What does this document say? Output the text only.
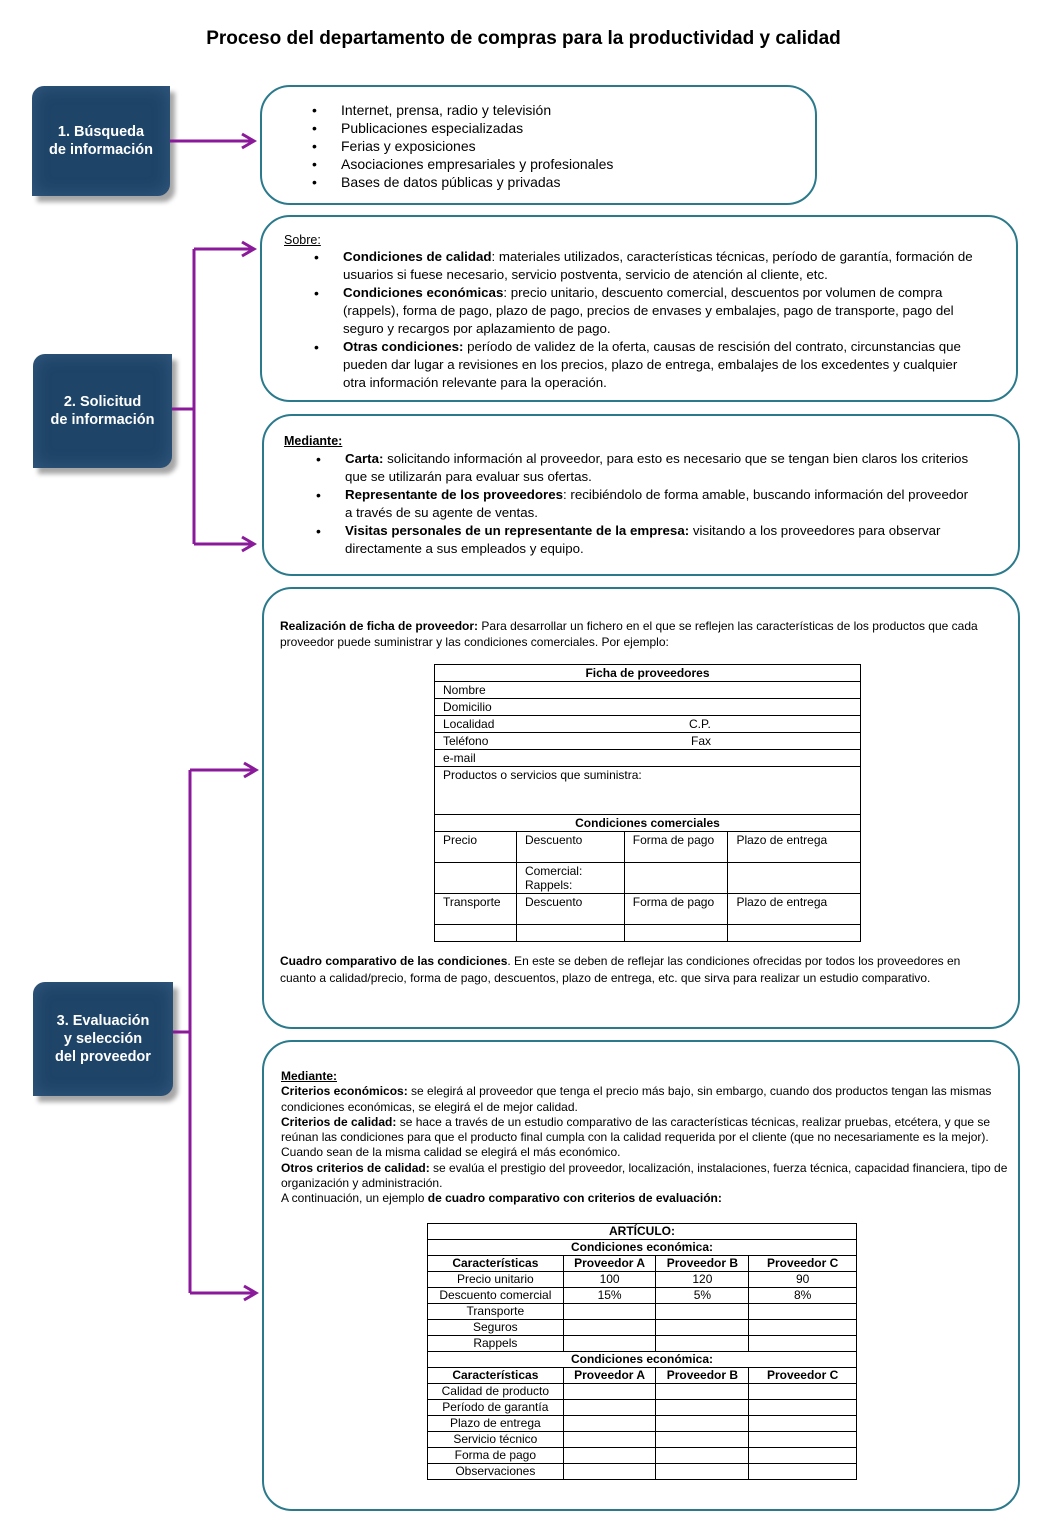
Proceso del departamento de compras para la productividad y calidad
1. Búsqueda
de información
2. Solicitud
de información
3. Evaluación
y selección
del proveedor
• Internet, prensa, radio y televisión
• Publicaciones especializadas
• Ferias y exposiciones
• Asociaciones empresariales y profesionales
• Bases de datos públicas y privadas
Sobre:
• Condiciones de calidad: materiales utilizados, características técnicas, período de garantía, formación de usuarios si fuese necesario, servicio postventa, servicio de atención al cliente, etc.
• Condiciones económicas: precio unitario, descuento comercial, descuentos por volumen de compra (rappels), forma de pago, plazo de pago, precios de envases y embalajes, pago de transporte, pago del seguro y recargos por aplazamiento de pago.
• Otras condiciones: período de validez de la oferta, causas de rescisión del contrato, circunstancias que pueden dar lugar a revisiones en los precios, plazo de entrega, embalajes de los excedentes y cualquier otra información relevante para la operación.
Mediante:
• Carta: solicitando información al proveedor, para esto es necesario que se tengan bien claros los criterios que se utilizarán para evaluar sus ofertas.
• Representante de los proveedores: recibiéndolo de forma amable, buscando información del proveedor a través de su agente de ventas.
• Visitas personales de un representante de la empresa: visitando a los proveedores para observar directamente a sus empleados y equipo.
Realización de ficha de proveedor: Para desarrollar un fichero en el que se reflejen las características de los productos que cada proveedor puede suministrar y las condiciones comerciales. Por ejemplo:
Ficha de proveedores			
Nombre			
Domicilio			
Localidad C.P.			

Teléfono Fax			

e-mail			
Productos o servicios que suministra:			
Condiciones comerciales			
Precio	Descuento	Forma de pago	Plazo de entrega
	Comercial:
Rappels:		
Transporte	Descuento	Forma de pago	Plazo de entrega

Cuadro comparativo de las condiciones. En este se deben de reflejar las condiciones ofrecidas por todos los proveedores en cuanto a calidad/precio, forma de pago, descuentos, plazo de entrega, etc. que sirva para realizar un estudio comparativo.
Mediante:
Criterios económicos: se elegirá al proveedor que tenga el precio más bajo, sin embargo, cuando dos productos tengan las mismas condiciones económicas, se elegirá el de mejor calidad.
Criterios de calidad: se hace a través de un estudio comparativo de las características técnicas, realizar pruebas, etcétera, y que se reúnan las condiciones para que el producto final cumpla con la calidad requerida por el cliente (que no necesariamente es la mejor). Cuando sean de la misma calidad se elegirá el más económico.
Otros criterios de calidad: se evalúa el prestigio del proveedor, localización, instalaciones, fuerza técnica, capacidad financiera, tipo de organización y administración.
A continuación, un ejemplo de cuadro comparativo con criterios de evaluación:
ARTÍCULO:			
Condiciones económica:			
Características	Proveedor A	Proveedor B	Proveedor C
Precio unitario	100	120	90
Descuento comercial	15%	5%	8%
Transporte			
Seguros			
Rappels			
Condiciones económica:			
Características	Proveedor A	Proveedor B	Proveedor C
Calidad de producto			
Período de garantía			
Plazo de entrega			
Servicio técnico			
Forma de pago			
Observaciones			
